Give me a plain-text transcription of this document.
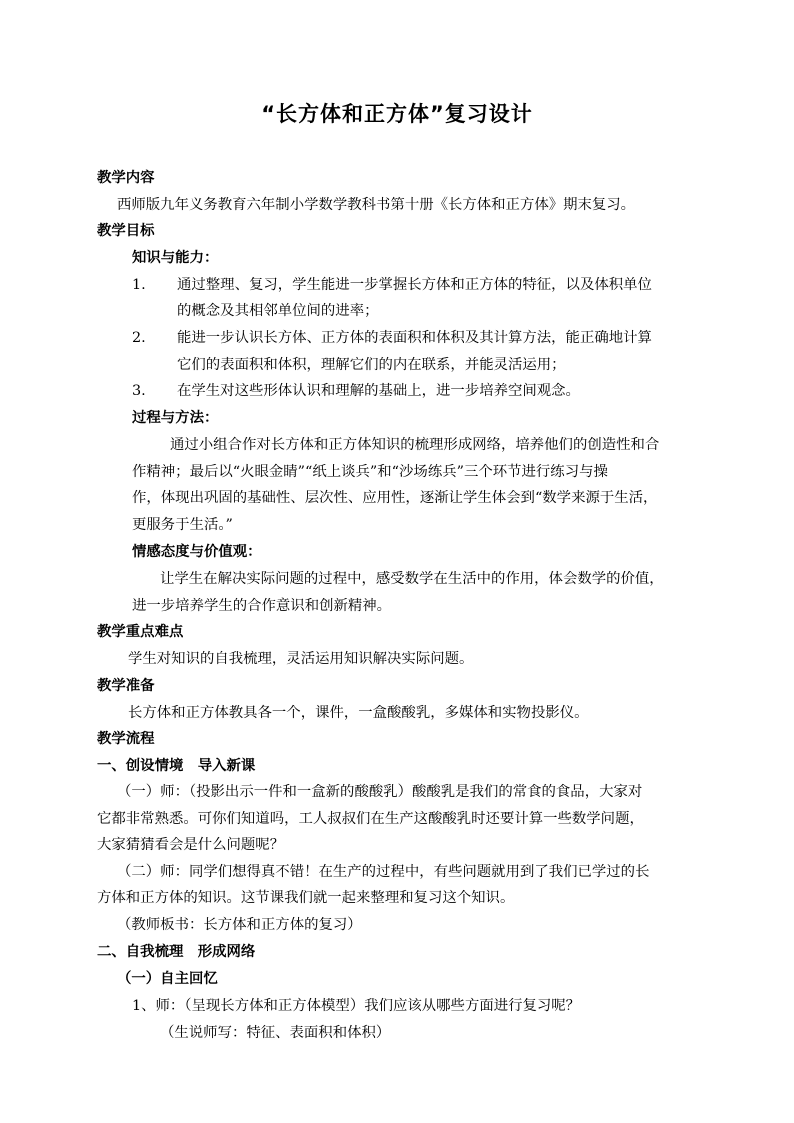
“长方体和正方体”复习设计
教学内容
西师版九年义务教育六年制小学数学教科书第十册《长方体和正方体》期末复习。
教学目标
知识与能力：
1.	通过整理、复习，学生能进一步掌握长方体和正方体的特征，以及体积单位
的概念及其相邻单位间的进率；
2.	能进一步认识长方体、正方体的表面积和体积及其计算方法，能正确地计算
它们的表面积和体积，理解它们的内在联系，并能灵活运用；
3.	在学生对这些形体认识和理解的基础上，进一步培养空间观念。
过程与方法：
通过小组合作对长方体和正方体知识的梳理形成网络，培养他们的创造性和合
作精神；最后以“火眼金睛”“纸上谈兵”和“沙场练兵”三个环节进行练习与操
作，体现出巩固的基础性、层次性、应用性，逐渐让学生体会到“数学来源于生活，
更服务于生活。”
情感态度与价值观：
让学生在解决实际问题的过程中，感受数学在生活中的作用，体会数学的价值，
进一步培养学生的合作意识和创新精神。
教学重点难点
学生对知识的自我梳理，灵活运用知识解决实际问题。
教学准备
长方体和正方体教具各一个，课件，一盒酸酸乳，多媒体和实物投影仪。
教学流程
一、创设情境　导入新课
（一）师：（投影出示一件和一盒新的酸酸乳）酸酸乳是我们的常食的食品，大家对
它都非常熟悉。可你们知道吗，工人叔叔们在生产这酸酸乳时还要计算一些数学问题，
大家猜猜看会是什么问题呢？
（二）师：同学们想得真不错！在生产的过程中，有些问题就用到了我们已学过的长
方体和正方体的知识。这节课我们就一起来整理和复习这个知识。
（教师板书：长方体和正方体的复习）
二、自我梳理　形成网络
（一）自主回忆
1、师：（呈现长方体和正方体模型）我们应该从哪些方面进行复习呢？
（生说师写：特征、表面积和体积）
